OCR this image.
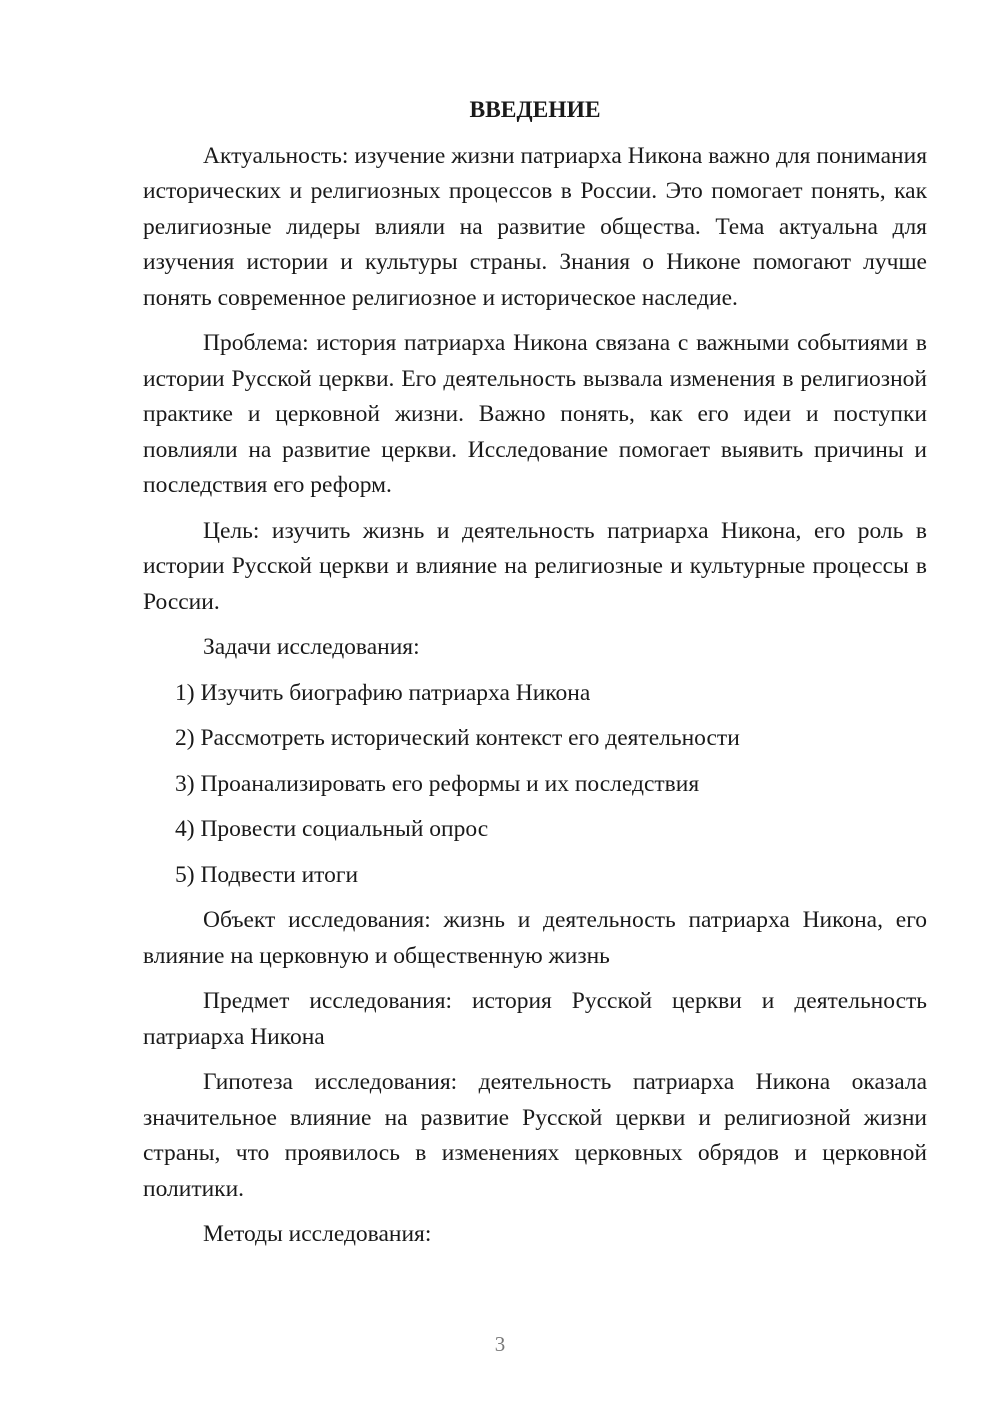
ВВЕДЕНИЕ

Актуальность: изучение жизни патриарха Никона важно для понимания исторических и религиозных процессов в России. Это помогает понять, как религиозные лидеры влияли на развитие общества. Тема актуальна для изучения истории и культуры страны. Знания о Никоне помогают лучше понять современное религиозное и историческое наследие.

Проблема: история патриарха Никона связана с важными событиями в истории Русской церкви. Его деятельность вызвала изменения в религиозной практике и церковной жизни. Важно понять, как его идеи и поступки повлияли на развитие церкви. Исследование помогает выявить причины и последствия его реформ.

Цель: изучить жизнь и деятельность патриарха Никона, его роль в истории Русской церкви и влияние на религиозные и культурные процессы в России.

Задачи исследования:

1) Изучить биографию патриарха Никона
2) Рассмотреть исторический контекст его деятельности
3) Проанализировать его реформы и их последствия
4) Провести социальный опрос
5) Подвести итоги

Объект исследования: жизнь и деятельность патриарха Никона, его влияние на церковную и общественную жизнь

Предмет исследования: история Русской церкви и деятельность патриарха Никона

Гипотеза исследования: деятельность патриарха Никона оказала значительное влияние на развитие Русской церкви и религиозной жизни страны, что проявилось в изменениях церковных обрядов и церковной политики.

Методы исследования:

3
